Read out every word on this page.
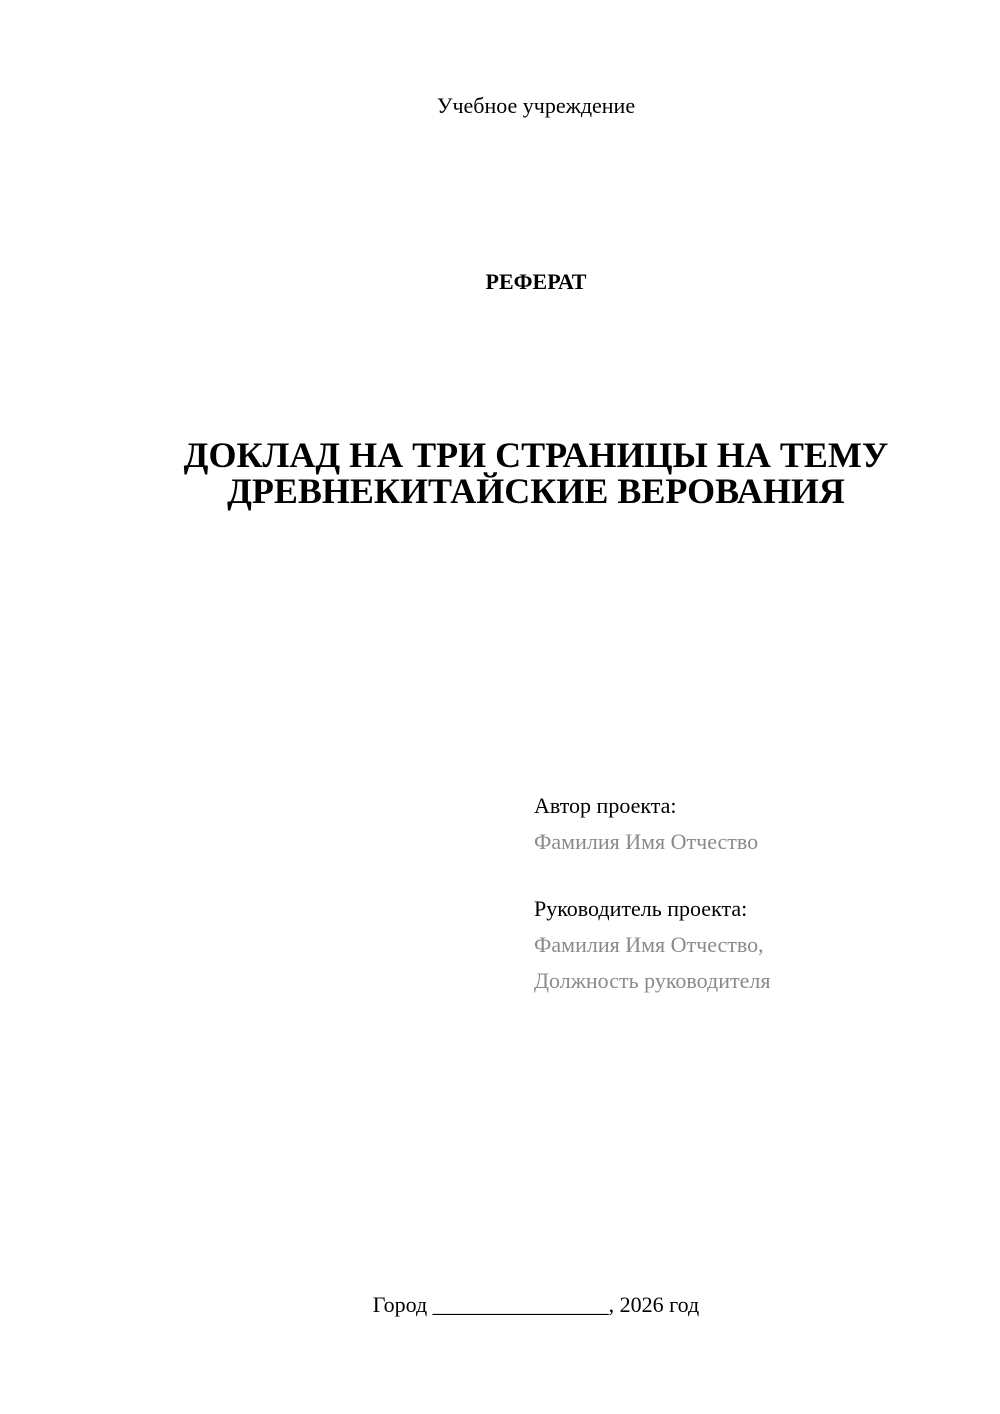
Учебное учреждение
РЕФЕРАТ
ДОКЛАД НА ТРИ СТРАНИЦЫ НА ТЕМУ
ДРЕВНЕКИТАЙСКИЕ ВЕРОВАНИЯ
Автор проекта:
Фамилия Имя Отчество
Руководитель проекта:
Фамилия Имя Отчество,
Должность руководителя
Город ________________, 2026 год
